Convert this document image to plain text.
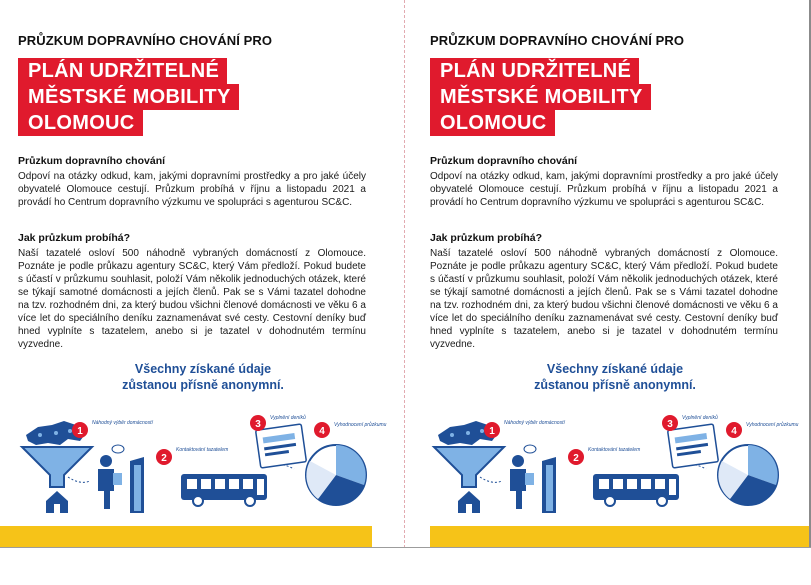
PRŮZKUM DOPRAVNÍHO CHOVÁNÍ PRO
PLÁN UDRŽITELNÉ
MĚSTSKÉ MOBILITY
OLOMOUC
Průzkum dopravního chování

Odpoví na otázky odkud, kam, jakými dopravními prostředky a pro jaké účely obyvatelé Olomouce cestují. Průzkum probíhá v říjnu a listopadu 2021 a provádí ho Centrum dopravního výzkumu ve spolupráci s agenturou SC&C.

Jak průzkum probíhá?

Naší tazatelé osloví 500 náhodně vybraných domácností z Olomouce. Poznáte je podle průkazu agentury SC&C, který Vám předloží. Pokud budete s účastí v průzkumu souhlasit, položí Vám několik jednoduchých otázek, které se týkají samotné domácnosti a jejích členů. Pak se s Vámi tazatel dohodne na tzv. rozhodném dni, za který budou všichni členové domácnosti ve věku 6 a více let do speciálního deníku zaznamenávat své cesty. Cestovní deníky buď hned vyplníte s tazatelem, anebo si je tazatel v dohodnutém termínu vyzvedne.

Všechny získané údaje
zůstanou přísně anonymní.
1
Náhodný výběr domácností
2
Kontaktování tazatelem
3
Vyplnění deníků
4
Vyhodnocení průzkumu
PRŮZKUM DOPRAVNÍHO CHOVÁNÍ PRO
PLÁN UDRŽITELNÉ
MĚSTSKÉ MOBILITY
OLOMOUC
Průzkum dopravního chování

Odpoví na otázky odkud, kam, jakými dopravními prostředky a pro jaké účely obyvatelé Olomouce cestují. Průzkum probíhá v říjnu a listopadu 2021 a provádí ho Centrum dopravního výzkumu ve spolupráci s agenturou SC&C.

Jak průzkum probíhá?

Naší tazatelé osloví 500 náhodně vybraných domácností z Olomouce. Poznáte je podle průkazu agentury SC&C, který Vám předloží. Pokud budete s účastí v průzkumu souhlasit, položí Vám několik jednoduchých otázek, které se týkají samotné domácnosti a jejích členů. Pak se s Vámi tazatel dohodne na tzv. rozhodném dni, za který budou všichni členové domácnosti ve věku 6 a více let do speciálního deníku zaznamenávat své cesty. Cestovní deníky buď hned vyplníte s tazatelem, anebo si je tazatel v dohodnutém termínu vyzvedne.

Všechny získané údaje
zůstanou přísně anonymní.
1
Náhodný výběr domácností
2
Kontaktování tazatelem
3
Vyplnění deníků
4
Vyhodnocení průzkumu
